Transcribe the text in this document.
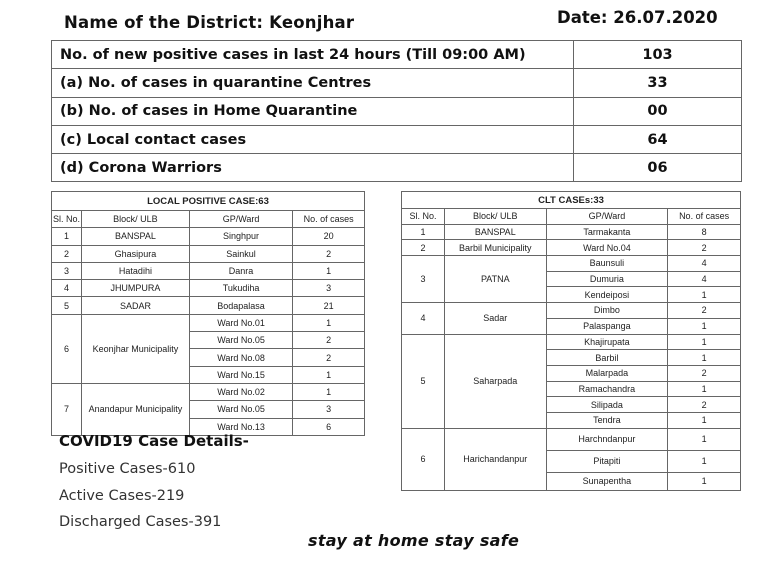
Name of the District: Keonjhar	Date: 26.07.2020
No. of new positive cases in last 24 hours (Till 09:00 AM)	103
(a) No. of cases in quarantine Centres	33
(b) No. of cases in Home Quarantine	00
(c) Local contact cases	64
(d) Corona Warriors	06
LOCAL POSITIVE CASE:63			
Sl. No.	Block/ ULB	GP/Ward	No. of cases
1	BANSPAL	Singhpur	20
2	Ghasipura	Sainkul	2
3	Hatadihi	Danra	1
4	JHUMPURA	Tukudiha	3
5	SADAR	Bodapalasa	21
6	Keonjhar Municipality	Ward No.01	1
		Ward No.05	2
		Ward No.08	2
		Ward No.15	1
7	Anandapur Municipality	Ward No.02	1
		Ward No.05	3
		Ward No.13	6
CLT CASEs:33			
Sl. No.	Block/ ULB	GP/Ward	No. of cases
1	BANSPAL	Tarmakanta	8
2	Barbil Municipality	Ward No.04	2
3	PATNA	Baunsuli	4
		Dumuria	4
		Kendeiposi	1
4	Sadar	Dimbo	2
		Palaspanga	1
5	Saharpada	Khajirupata	1
		Barbil	1
		Malarpada	2
		Ramachandra	1
		Silipada	2
		Tendra	1
6	Harichandanpur	Harchndanpur	1
		Pitapiti	1
		Sunapentha	1
COVID19 Case Details-
Positive Cases-610
Active Cases-219
Discharged Cases-391
stay at home stay safe
